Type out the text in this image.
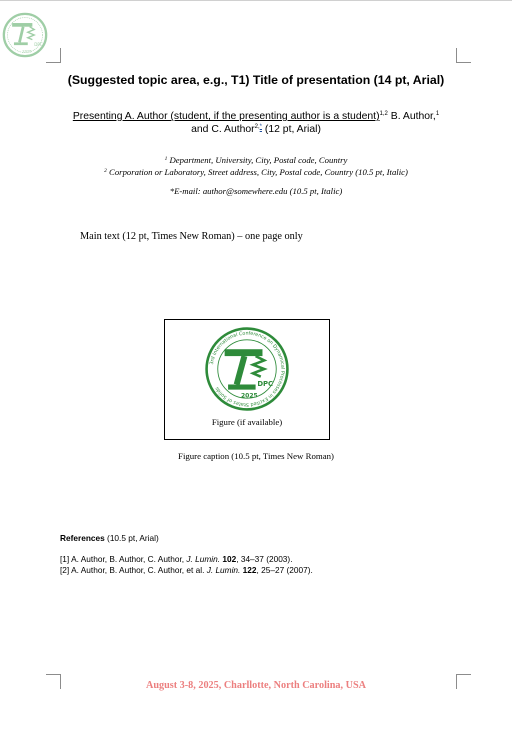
DPC
2025
(Suggested topic area, e.g., T1) Title of presentation (14 pt, Arial)
Presenting A. Author (student, if the presenting author is a student)$^{1,2}$ B. Author,$^1$
and C. Author$^{2,*}$ (12 pt, Arial)
$^1$ Department, University, City, Postal code, Country
$^2$ Corporation or Laboratory, Street address, City, Postal code, Country (10.5 pt, Italic)
*E-mail: author@somewhere.edu (10.5 pt, Italic)
Main text (12 pt, Times New Roman) – one page only
3rd International Conference on Dynamical Processes in Excited States of Solids	DPC
2025
Figure (if available)
Figure caption (10.5 pt, Times New Roman)
References (10.5 pt, Arial)
[1] A. Author, B. Author, C. Author, J. Lumin. 102, 34–37 (2003).
[2] A. Author, B. Author, C. Author, et al. J. Lumin. 122, 25–27 (2007).
August 3-8, 2025, Charllotte, North Carolina, USA
